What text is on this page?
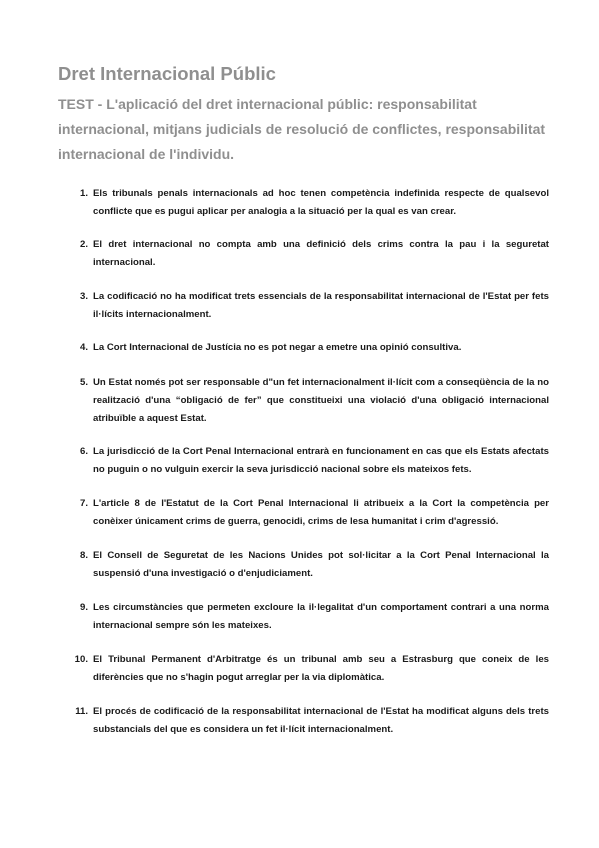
Dret Internacional Públic

TEST - L'aplicació del dret internacional públic: responsabilitat internacional, mitjans judicials de resolució de conflictes, responsabilitat internacional de l'individu.

1. Els tribunals penals internacionals ad hoc tenen competència indefinida respecte de qualsevol conflicte que es pugui aplicar per analogia a la situació per la qual es van crear.
2. El dret internacional no compta amb una definició dels crims contra la pau i la seguretat internacional.
3. La codificació no ha modificat trets essencials de la responsabilitat internacional de l'Estat per fets il·lícits internacionalment.
4. La Cort Internacional de Justícia no es pot negar a emetre una opinió consultiva.
5. Un Estat només pot ser responsable d"un fet internacionalment il·lícit com a conseqüència de la no realització d'una “obligació de fer” que constitueixi una violació d'una obligació internacional atribuïble a aquest Estat.
6. La jurisdicció de la Cort Penal Internacional entrarà en funcionament en cas que els Estats afectats no puguin o no vulguin exercir la seva jurisdicció nacional sobre els mateixos fets.
7. L'article 8 de l'Estatut de la Cort Penal Internacional li atribueix a la Cort la competència per conèixer únicament crims de guerra, genocidi, crims de lesa humanitat i crim d'agressió.
8. El Consell de Seguretat de les Nacions Unides pot sol·licitar a la Cort Penal Internacional la suspensió d'una investigació o d'enjudiciament.
9. Les circumstàncies que permeten excloure la il·legalitat d'un comportament contrari a una norma internacional sempre són les mateixes.
10. El Tribunal Permanent d'Arbitratge és un tribunal amb seu a Estrasburg que coneix de les diferències que no s'hagin pogut arreglar per la via diplomàtica.
11. El procés de codificació de la responsabilitat internacional de l'Estat ha modificat alguns dels trets substancials del que es considera un fet il·lícit internacionalment.
